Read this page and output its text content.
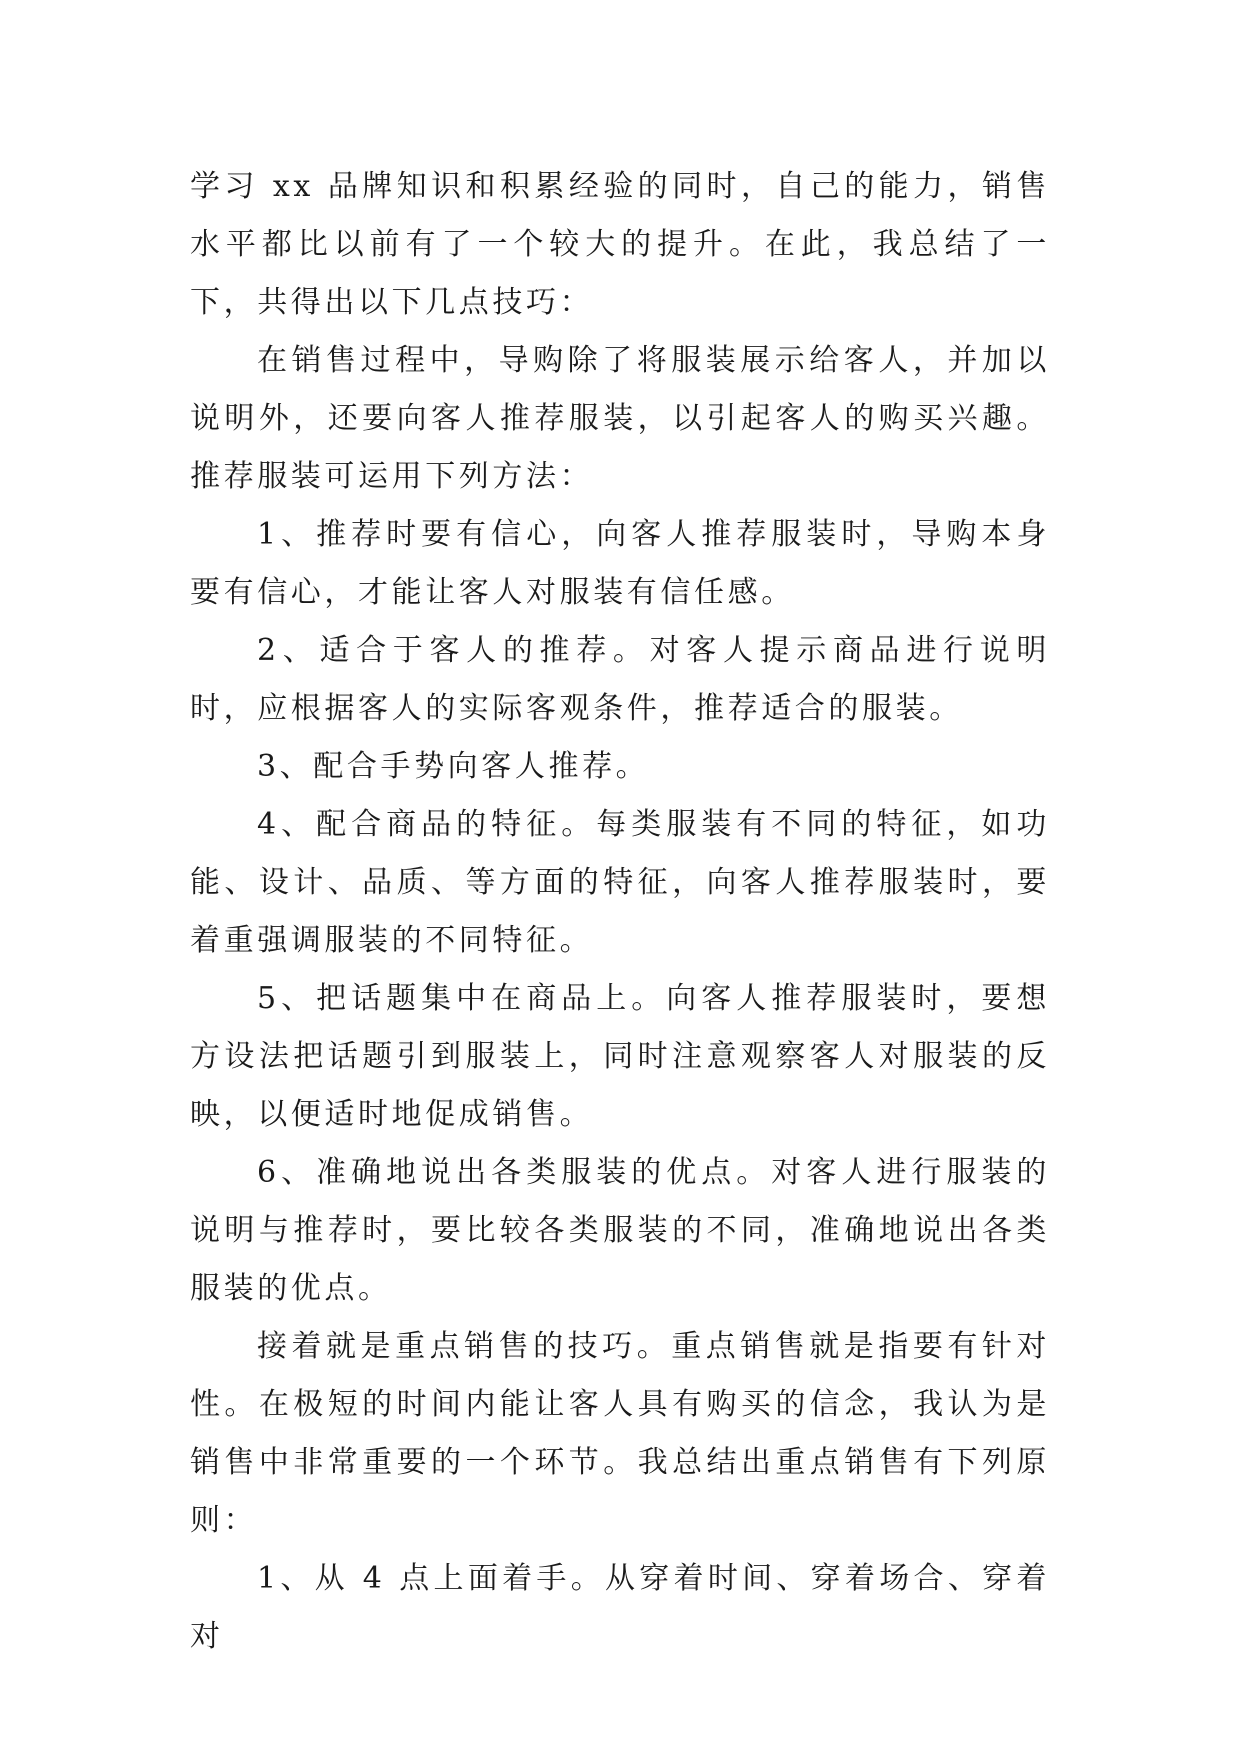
学习 xx 品牌知识和积累经验的同时，自己的能力，销售水平都比以前有了一个较大的提升。在此，我总结了一下，共得出以下几点技巧：

在销售过程中，导购除了将服装展示给客人，并加以说明外，还要向客人推荐服装，以引起客人的购买兴趣。推荐服装可运用下列方法：

1、推荐时要有信心，向客人推荐服装时，导购本身要有信心，才能让客人对服装有信任感。

2、适合于客人的推荐。对客人提示商品进行说明时，应根据客人的实际客观条件，推荐适合的服装。

3、配合手势向客人推荐。

4、配合商品的特征。每类服装有不同的特征，如功能、设计、品质、等方面的特征，向客人推荐服装时，要着重强调服装的不同特征。

5、把话题集中在商品上。向客人推荐服装时，要想方设法把话题引到服装上，同时注意观察客人对服装的反映，以便适时地促成销售。

6、准确地说出各类服装的优点。对客人进行服装的说明与推荐时，要比较各类服装的不同，准确地说出各类服装的优点。

接着就是重点销售的技巧。重点销售就是指要有针对性。在极短的时间内能让客人具有购买的信念，我认为是销售中非常重要的一个环节。我总结出重点销售有下列原则：

1、从 4 点上面着手。从穿着时间、穿着场合、穿着对
